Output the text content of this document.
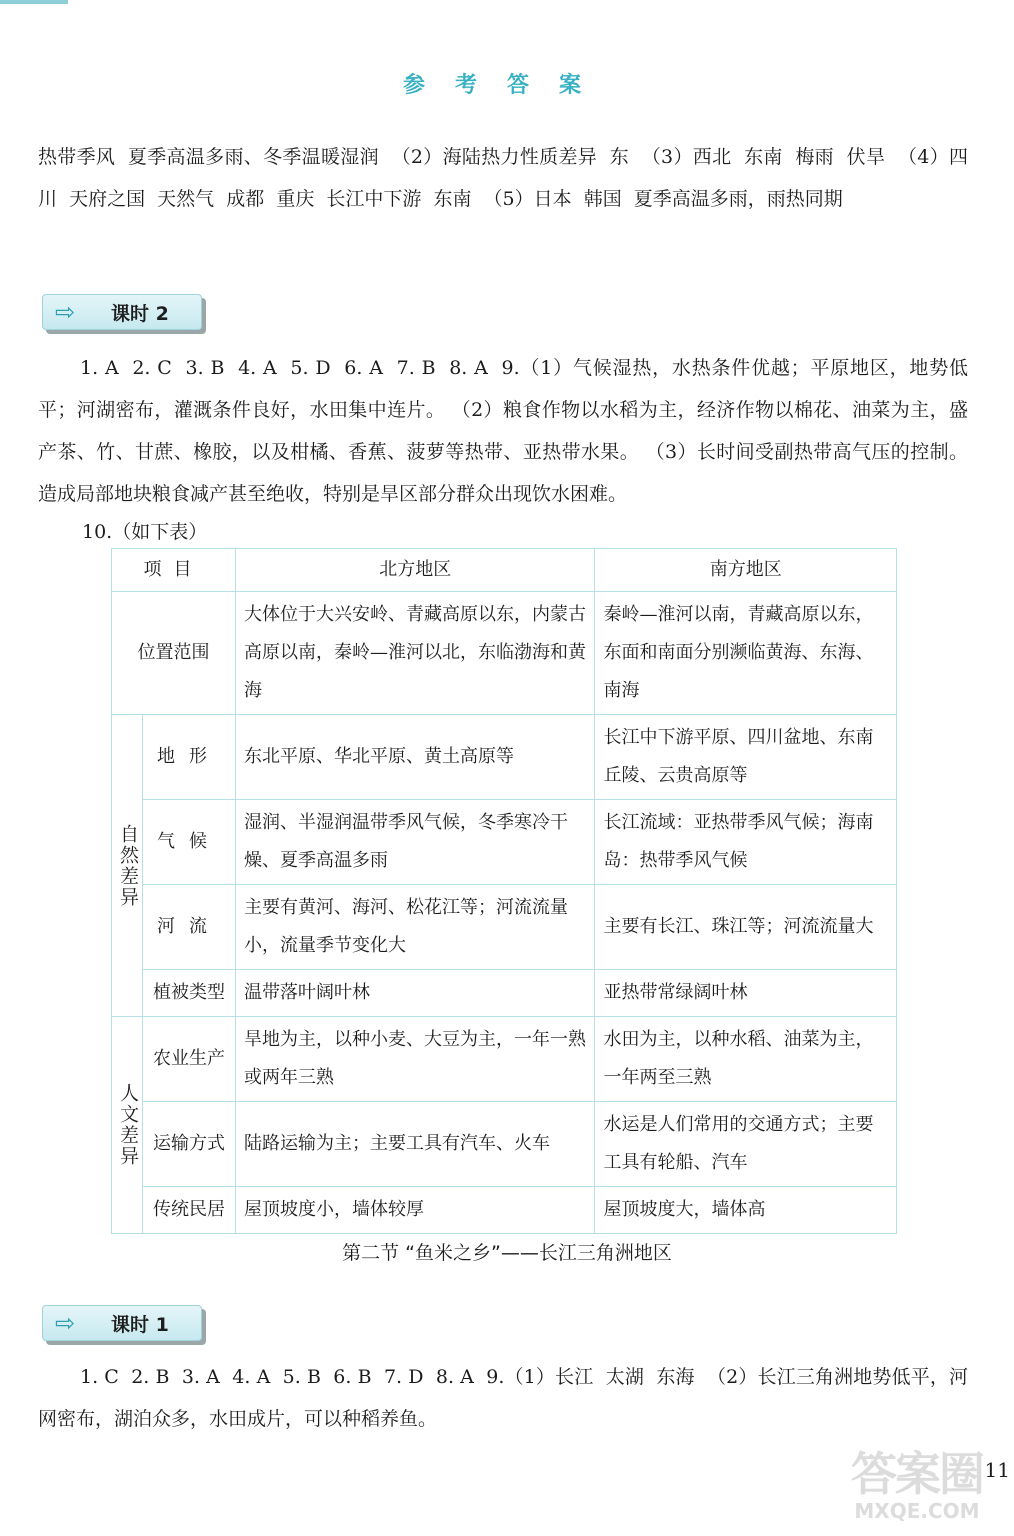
参考答案

热带季风  夏季高温多雨、冬季温暖湿润  （2）海陆热力性质差异  东  （3）西北  东南  梅雨  伏旱  （4）四川  天府之国  天然气  成都  重庆  长江中下游  东南  （5）日本  韩国  夏季高温多雨，雨热同期

⇨	课时 2

1. A  2. C  3. B  4. A  5. D  6. A  7. B  8. A  9.（1）气候湿热，水热条件优越；平原地区，地势低平；河湖密布，灌溉条件良好，水田集中连片。 （2）粮食作物以水稻为主，经济作物以棉花、油菜为主，盛产茶、竹、甘蔗、橡胶，以及柑橘、香蕉、菠萝等热带、亚热带水果。 （3）长时间受副热带高气压的控制。  造成局部地块粮食减产甚至绝收，特别是旱区部分群众出现饮水困难。

10.（如下表）
项目		北方地区	南方地区
位置范围		大体位于大兴安岭、青藏高原以东，内蒙古高原以南，秦岭—淮河以北，东临渤海和黄海	秦岭—淮河以南，青藏高原以东，东面和南面分别濒临黄海、东海、南海

自然差异	地形	东北平原、华北平原、黄土高原等	长江中下游平原、四川盆地、东南丘陵、云贵高原等
	气候	湿润、半湿润温带季风气候，冬季寒冷干燥、夏季高温多雨	长江流域：亚热带季风气候；海南岛：热带季风气候
	河流	主要有黄河、海河、松花江等；河流流量小，流量季节变化大	主要有长江、珠江等；河流流量大
	植被类型	温带落叶阔叶林	亚热带常绿阔叶林

人文差异	农业生产	旱地为主，以种小麦、大豆为主，一年一熟或两年三熟	水田为主，以种水稻、油菜为主，一年两至三熟
	运输方式	陆路运输为主；主要工具有汽车、火车	水运是人们常用的交通方式；主要工具有轮船、汽车
	传统民居	屋顶坡度小，墙体较厚	屋顶坡度大，墙体高
第二节 “鱼米之乡”——长江三角洲地区
⇨	课时 1

1. C  2. B  3. A  4. A  5. B  6. B  7. D  8. A  9.（1）长江  太湖  东海  （2）长江三角洲地势低平，河网密布，湖泊众多，水田成片，可以种稻养鱼。

答案圈
MXQE.COM
11
